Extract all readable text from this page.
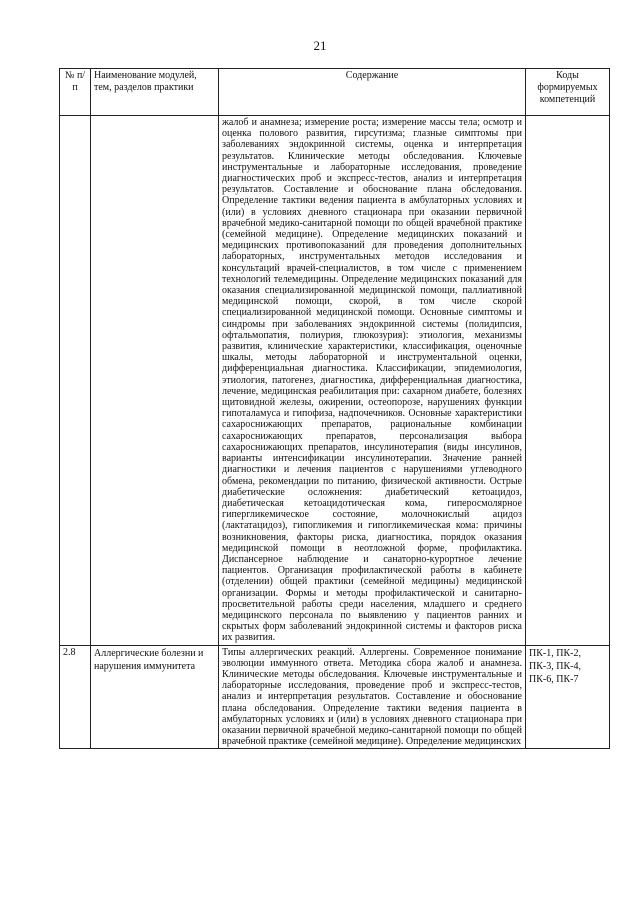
21
№ п/п	Наименование модулей, тем, разделов практики	Содержание	Коды формируемых компетенций
		жалоб и анамнеза; измерение роста; измерение массы тела; осмотр и оценка полового развития, гирсутизма; глазные симптомы при заболеваниях эндокринной системы, оценка и интерпретация результатов. Клинические методы обследования. Ключевые инструментальные и лабораторные исследования, проведение диагностических проб и экспресс-тестов, анализ и интерпретация результатов. Составление и обоснование плана обследования. Определение тактики ведения пациента в амбулаторных условиях и (или) в условиях дневного стационара при оказании первичной врачебной медико-санитарной помощи по общей врачебной практике (семейной медицине). Определение медицинских показаний и медицинских противопоказаний для проведения дополнительных лабораторных, инструментальных методов исследования и консультаций врачей-специалистов, в том числе с применением технологий телемедицины. Определение медицинских показаний для оказания специализированной медицинской помощи, паллиативной медицинской помощи, скорой, в том числе скорой специализированной медицинской помощи. Основные симптомы и синдромы при заболеваниях эндокринной системы (полидипсия, офтальмопатия, полиурия, глюкозурия): этиология, механизмы развития, клинические характеристики, классификация, оценочные шкалы, методы лабораторной и инструментальной оценки, дифференциальная диагностика. Классификации, эпидемиология, этиология, патогенез, диагностика, дифференциальная диагностика, лечение, медицинская реабилитация при: сахарном диабете, болезнях щитовидной железы, ожирении, остеопорозе, нарушениях функции гипоталамуса и гипофиза, надпочечников. Основные характеристики сахароснижающих препаратов, рациональные комбинации сахароснижающих препаратов, персонализация выбора сахароснижающих препаратов, инсулинотерапия (виды инсулинов, варианты интенсификации инсулинотерапии. Значение ранней диагностики и лечения пациентов с нарушениями углеводного обмена, рекомендации по питанию, физической активности. Острые диабетические осложнения: диабетический кетоацидоз, диабетическая кетоацидотическая кома, гиперосмолярное гипергликемическое состояние, молочнокислый ацидоз (лактатацидоз), гипогликемия и гипогликемическая кома: причины возникновения, факторы риска, диагностика, порядок оказания медицинской помощи в неотложной форме, профилактика. Диспансерное наблюдение и санаторно-курортное лечение пациентов. Организация профилактической работы в кабинете (отделении) общей практики (семейной медицины) медицинской организации. Формы и методы профилактической и санитарно-просветительной работы среди населения, младшего и среднего медицинского персонала по выявлению у пациентов ранних и скрытых форм заболеваний эндокринной системы и факторов риска их развития.	
2.8	Аллергические болезни и нарушения иммунитета	Типы аллергических реакций. Аллергены. Современное понимание эволюции иммунного ответа. Методика сбора жалоб и анамнеза. Клинические методы обследования. Ключевые инструментальные и лабораторные исследования, проведение проб и экспресс-тестов, анализ и интерпретация результатов. Составление и обоснование плана обследования. Определение тактики ведения пациента в амбулаторных условиях и (или) в условиях дневного стационара при оказании первичной врачебной медико-санитарной помощи по общей врачебной практике (семейной медицине). Определение медицинских	ПК-1, ПК-2, ПК-3, ПК-4, ПК-6, ПК-7
